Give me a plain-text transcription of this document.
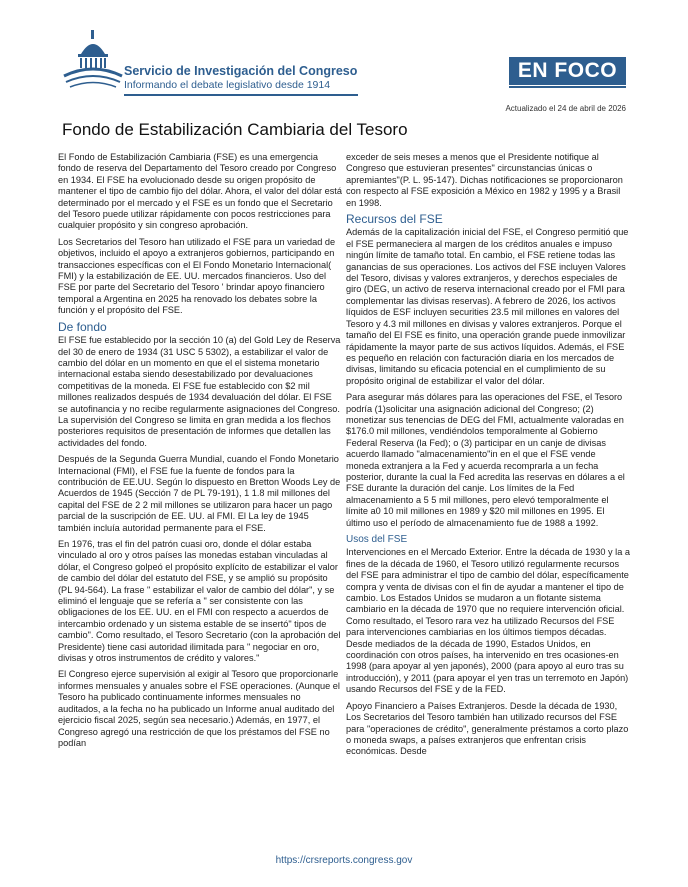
Servicio de Investigación del Congreso
Informando el debate legislativo desde 1914
EN FOCO
Actualizado el 24 de abril de 2026
Fondo de Estabilización Cambiaria del Tesoro

El Fondo de Estabilización Cambiaria (FSE) es una emergencia fondo de reserva del Departamento del Tesoro creado por Congreso en 1934. El FSE ha evolucionado desde su origen propósito de mantener el tipo de cambio fijo del dólar. Ahora, el valor del dólar está determinado por el mercado y el FSE es un fondo que el Secretario del Tesoro puede utilizar rápidamente con pocos restricciones para cualquier propósito y sin congreso aprobación.

Los Secretarios del Tesoro han utilizado el FSE para un variedad de objetivos, incluido el apoyo a extranjeros gobiernos, participando en transacciones específicas con el El Fondo Monetario Internacional( FMI) y la estabilización de EE. UU. mercados financieros. Uso del FSE por parte del Secretario del Tesoro ' brindar apoyo financiero temporal a Argentina en 2025 ha renovado los debates sobre la función y el propósito del FSE.

De fondo

El FSE fue establecido por la sección 10 (a) del Gold Ley de Reserva del 30 de enero de 1934 (31 USC 5 5302), a estabilizar el valor de cambio del dólar en un momento en que el el sistema monetario internacional estaba siendo desestabilizado por devaluaciones competitivas de la moneda. El FSE fue establecido con $2 mil millones realizados después de 1934 devaluación del dólar. El FSE se autofinancia y no recibe regularmente asignaciones del Congreso. La supervisión del Congreso se limita en gran medida a los flechos posteriores requisitos de presentación de informes que detallen las actividades del fondo.

Después de la Segunda Guerra Mundial, cuando el Fondo Monetario Internacional (FMI), el FSE fue la fuente de fondos para la contribución de EE.UU. Según lo dispuesto en Bretton Woods Ley de Acuerdos de 1945 (Sección 7 de PL 79-191), 1 1.8 mil millones del capital del FSE de 2 2 mil millones se utilizaron para hacer un pago parcial de la suscripción de EE. UU. al FMI. El La ley de 1945 también incluía autoridad permanente para el FSE.

En 1976, tras el fin del patrón cuasi oro, donde el dólar estaba vinculado al oro y otros países las monedas estaban vinculadas al dólar, el Congreso golpeó el propósito explícito de estabilizar el valor de cambio del dólar del estatuto del FSE, y se amplió su propósito (PL 94-564). La frase " estabilizar el valor de cambio del dólar", y se eliminó el lenguaje que se refería a " ser consistente con las obligaciones de los EE. UU. en el FMI con respecto a acuerdos de intercambio ordenado y un sistema estable de se insertó" tipos de cambio". Como resultado, el Tesoro Secretario (con la aprobación del Presidente) tiene casi autoridad ilimitada para " negociar en oro, divisas y otros instrumentos de crédito y valores."

El Congreso ejerce supervisión al exigir al Tesoro que proporcionarle informes mensuales y anuales sobre el FSE operaciones. (Aunque el Tesoro ha publicado continuamente informes mensuales no auditados, a la fecha no ha publicado un Informe anual auditado del ejercicio fiscal 2025, según sea necesario.) Además, en 1977, el Congreso agregó una restricción de que los préstamos del FSE no podían

exceder de seis meses a menos que el Presidente notifique al Congreso que estuvieran presentes" circunstancias únicas o apremiantes"(P. L. 95-147). Dichas notificaciones se proporcionaron con respecto al FSE exposición a México en 1982 y 1995 y a Brasil en 1998.

Recursos del FSE

Además de la capitalización inicial del FSE, el Congreso permitió que el FSE permaneciera al margen de los créditos anuales e impuso ningún límite de tamaño total. En cambio, el FSE retiene todas las ganancias de sus operaciones. Los activos del FSE incluyen Valores del Tesoro, divisas y valores extranjeros, y derechos especiales de giro (DEG, un activo de reserva internacional creado por el FMI para complementar las divisas reservas). A febrero de 2026, los activos líquidos de ESF incluyen securities 23.5 mil millones en valores del Tesoro y 4.3 mil millones en divisas y valores extranjeros. Porque el tamaño del El FSE es finito, una operación grande puede inmovilizar rápidamente la mayor parte de sus activos líquidos. Además, el FSE es pequeño en relación con facturación diaria en los mercados de divisas, limitando su eficacia potencial en el cumplimiento de su propósito original de estabilizar el valor del dólar.

Para asegurar más dólares para las operaciones del FSE, el Tesoro podría (1)solicitar una asignación adicional del Congreso; (2) monetizar sus tenencias de DEG del FMI, actualmente valoradas en $176.0 mil millones, vendiéndolos temporalmente al Gobierno Federal Reserva (la Fed); o (3) participar en un canje de divisas acuerdo llamado "almacenamiento"in en el que el FSE vende moneda extranjera a la Fed y acuerda recomprarla a un fecha posterior, durante la cual la Fed acredita las reservas en dólares a el FSE durante la duración del canje. Los límites de la Fed almacenamiento a 5 5 mil millones, pero elevó temporalmente el límite a0 10 mil millones en 1989 y $20 mil millones en 1995. El último uso el período de almacenamiento fue de 1988 a 1992.

Usos del FSE

Intervenciones en el Mercado Exterior. Entre la década de 1930 y la a fines de la década de 1960, el Tesoro utilizó regularmente recursos del FSE para administrar el tipo de cambio del dólar, específicamente compra y venta de divisas con el fin de ayudar a mantener el tipo de cambio. Los Estados Unidos se mudaron a un flotante sistema cambiario en la década de 1970 que no requiere intervención oficial. Como resultado, el Tesoro rara vez ha utilizado Recursos del FSE para intervenciones cambiarias en los últimos tiempos décadas. Desde mediados de la década de 1990, Estados Unidos, en coordinación con otros países, ha intervenido en tres ocasiones-en 1998 (para apoyar al yen japonés), 2000 (para apoyo al euro tras su introducción), y 2011 (para apoyar el yen tras un terremoto en Japón) usando Recursos del FSE y de la FED.

Apoyo Financiero a Países Extranjeros. Desde la década de 1930, Los Secretarios del Tesoro también han utilizado recursos del FSE para "operaciones de crédito", generalmente préstamos a corto plazo o moneda swaps, a países extranjeros que enfrentan crisis económicas. Desde

https://crsreports.congress.gov
